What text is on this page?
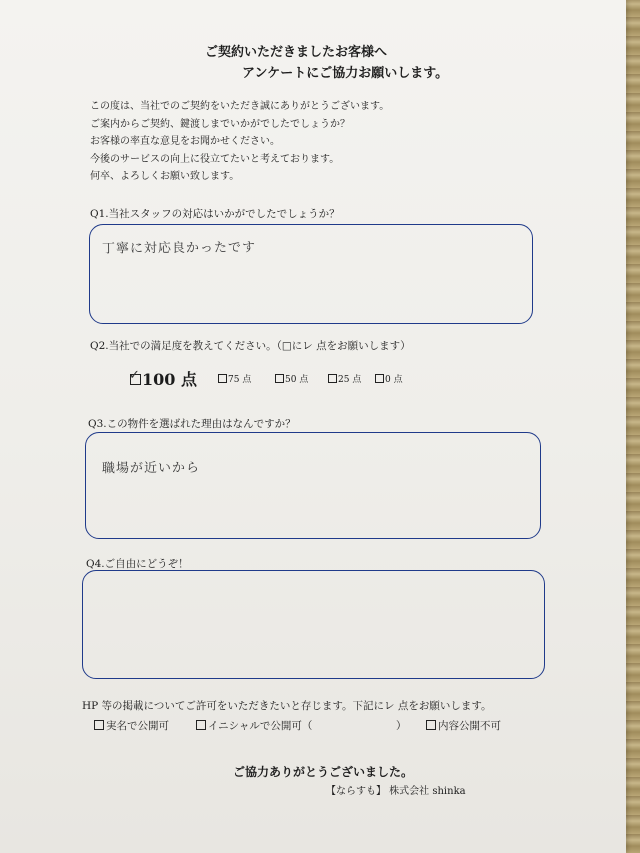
ご契約いただきましたお客様へ
アンケートにご協力お願いします。
この度は、当社でのご契約をいただき誠にありがとうございます。
ご案内からご契約、鍵渡しまでいかがでしたでしょうか？
お客様の率直な意見をお聞かせください。
今後のサービスの向上に役立てたいと考えております。
何卒、よろしくお願い致します。
Q1.当社スタッフの対応はいかがでしたでしょうか？
丁寧に対応良かったです
Q2.当社での満足度を教えてください。（□にレ 点をお願いします）
✓ 100 点	75 点	50 点	25 点	0 点
Q3.この物件を選ばれた理由はなんですか？
職場が近いから
Q4.ご自由にどうぞ！
HP 等の掲載についてご許可をいただきたいと存じます。下記にレ 点をお願いします。
実名で公開可	イニシャルで公開可（	）	内容公開不可
ご協力ありがとうございました。
【ならすも】 株式会社 shinka
